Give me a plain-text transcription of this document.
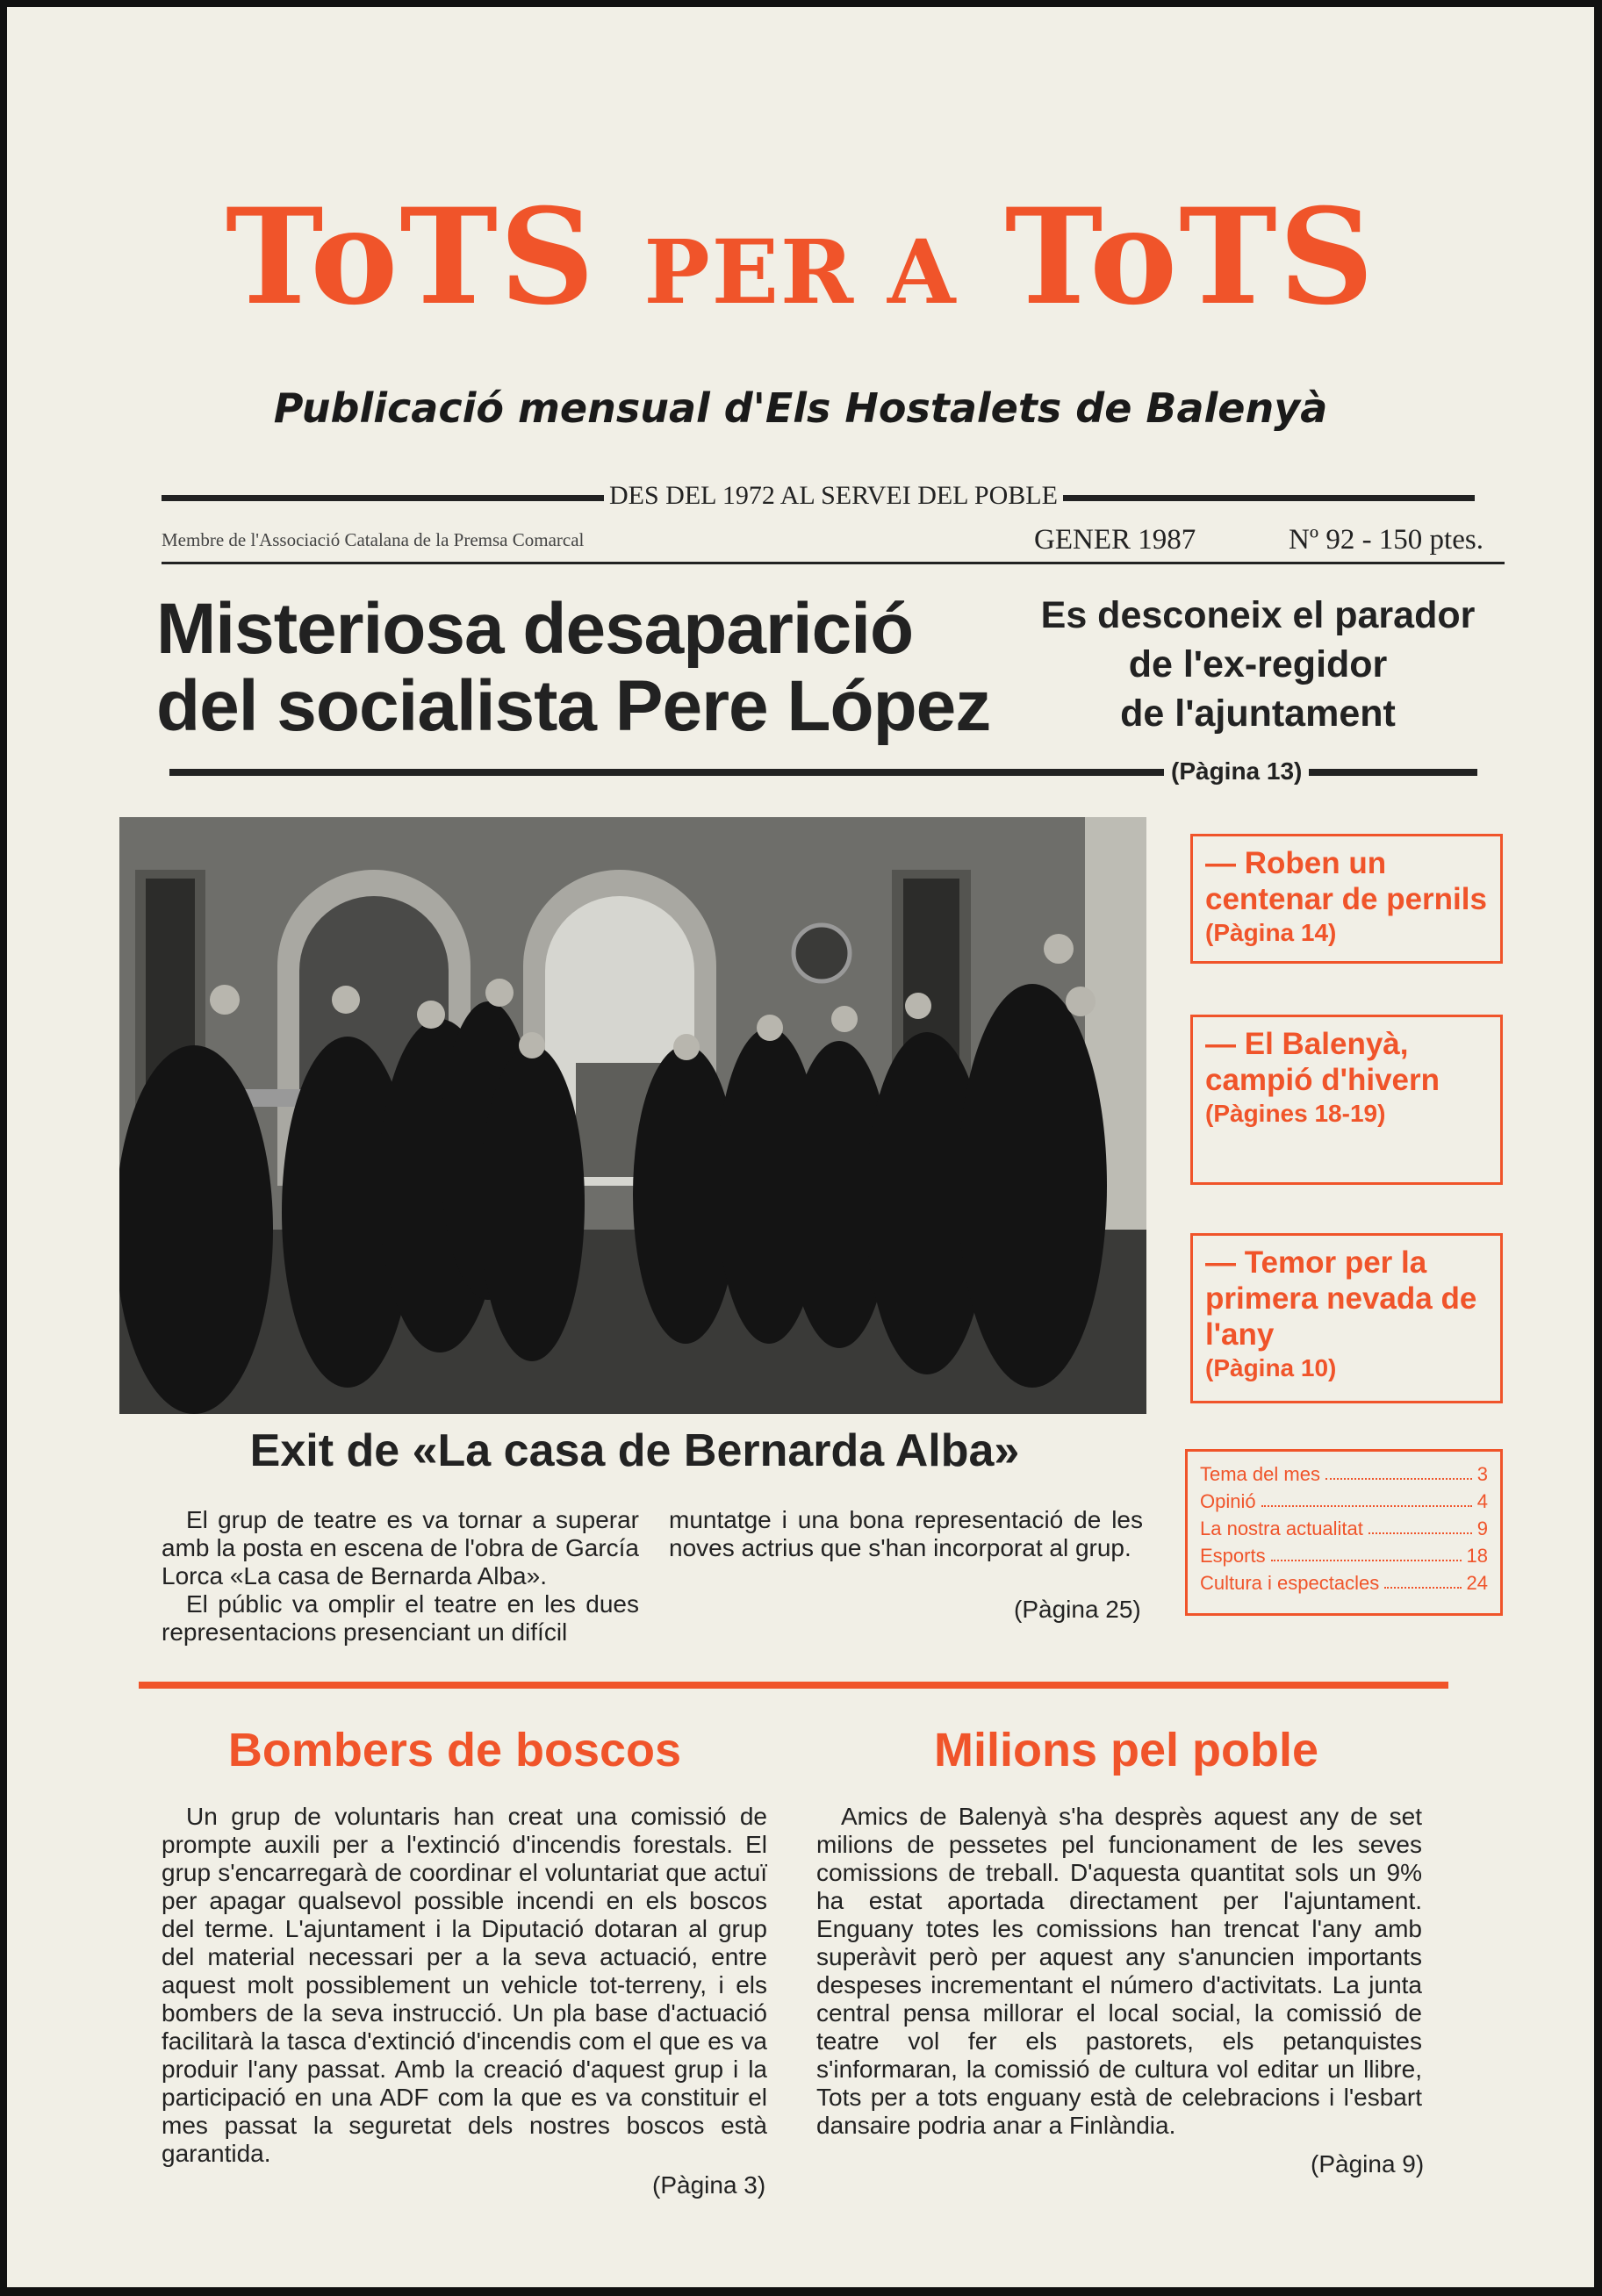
ToTS PER A ToTS
Publicació mensual d'Els Hostalets de Balenyà
DES DEL 1972 AL SERVEI DEL POBLE
Membre de l'Associació Catalana de la Premsa Comarcal	GENER 1987	Nº 92 - 150 ptes.
Misteriosa desaparició
del socialista Pere López
Es desconeix el parador
de l'ex-regidor
de l'ajuntament
(Pàgina 13)
Exit de «La casa de Bernarda Alba»

El grup de teatre es va tornar a superar amb la posta en escena de l'obra de García Lorca «La casa de Bernarda Alba».

El públic va omplir el teatre en les dues representacions presenciant un difícil

muntatge i una bona representació de les noves actrius que s'han incorporat al grup.

(Pàgina 25)
— Roben un centenar de pernils
(Pàgina 14)
— El Balenyà, campió d'hivern
(Pàgines 18-19)
— Temor per la primera nevada de l'any
(Pàgina 10)
Tema del mes	3
Opinió	4
La nostra actualitat	9
Esports	18
Cultura i espectacles	24
Bombers de boscos

Un grup de voluntaris han creat una comissió de prompte auxili per a l'extinció d'incendis forestals. El grup s'encarregarà de coordinar el voluntariat que actuï per apagar qualsevol possible incendi en els boscos del terme. L'ajuntament i la Diputació dotaran al grup del material necessari per a la seva actuació, entre aquest molt possiblement un vehicle tot-terreny, i els bombers de la seva instrucció. Un pla base d'actuació facilitarà la tasca d'extinció d'incendis com el que es va produir l'any passat. Amb la creació d'aquest grup i la participació en una ADF com la que es va constituir el mes passat la seguretat dels nostres boscos està garantida.

(Pàgina 3)
Milions pel poble

Amics de Balenyà s'ha desprès aquest any de set milions de pessetes pel funcionament de les seves comissions de treball. D'aquesta quantitat sols un 9% ha estat aportada directament per l'ajuntament. Enguany totes les comissions han trencat l'any amb superàvit però per aquest any s'anuncien importants despeses incrementant el número d'activitats. La junta central pensa millorar el local social, la comissió de teatre vol fer els pastorets, els petanquistes s'informaran, la comissió de cultura vol editar un llibre, Tots per a tots enguany està de celebracions i l'esbart dansaire podria anar a Finlàndia.

(Pàgina 9)
